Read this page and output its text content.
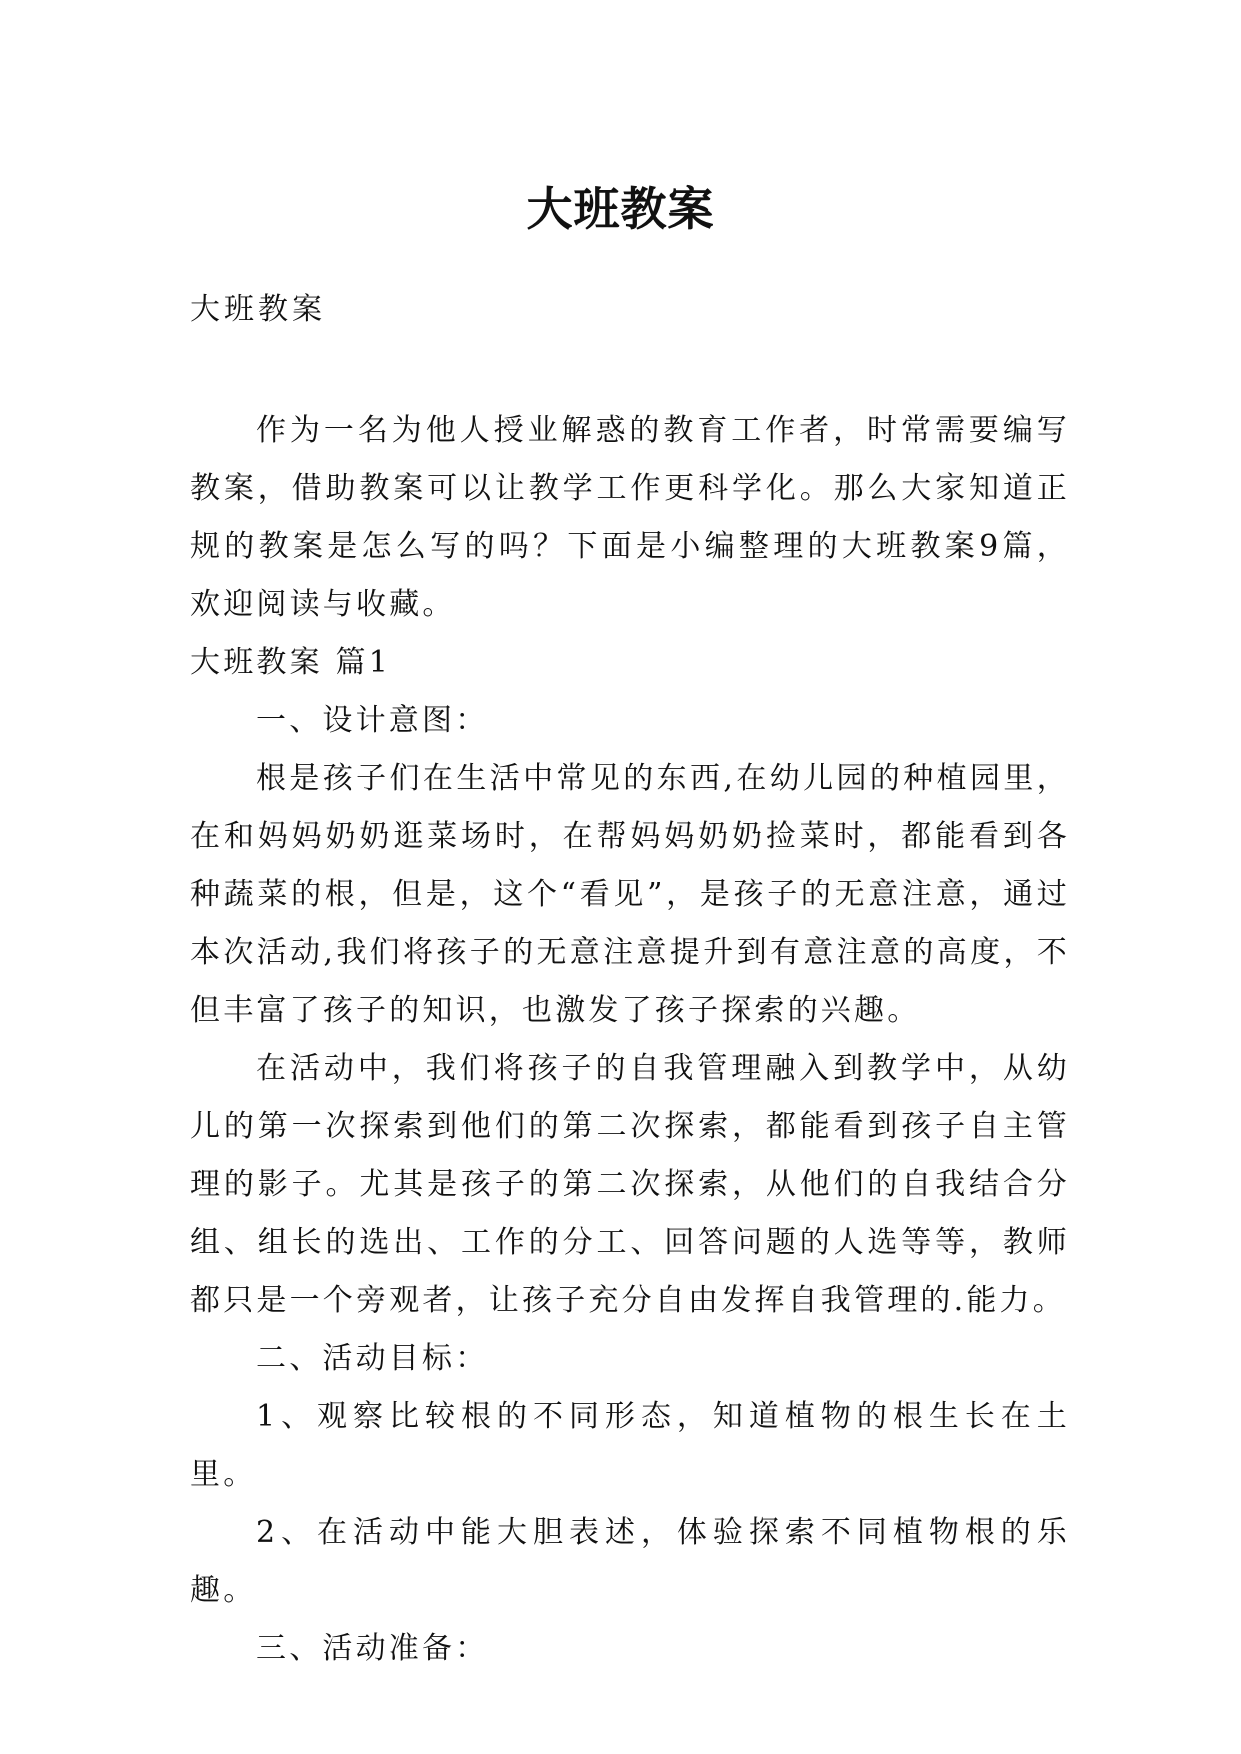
大班教案
大班教案

作为一名为他人授业解惑的教育工作者，时常需要编写教案，借助教案可以让教学工作更科学化。那么大家知道正规的教案是怎么写的吗？下面是小编整理的大班教案9篇，欢迎阅读与收藏。

大班教案 篇1

一、设计意图：

根是孩子们在生活中常见的东西,在幼儿园的种植园里，在和妈妈奶奶逛菜场时，在帮妈妈奶奶捡菜时，都能看到各种蔬菜的根，但是，这个“看见”，是孩子的无意注意，通过本次活动,我们将孩子的无意注意提升到有意注意的高度，不但丰富了孩子的知识，也激发了孩子探索的兴趣。

在活动中，我们将孩子的自我管理融入到教学中，从幼儿的第一次探索到他们的第二次探索，都能看到孩子自主管理的影子。尤其是孩子的第二次探索，从他们的自我结合分组、组长的选出、工作的分工、回答问题的人选等等，教师都只是一个旁观者，让孩子充分自由发挥自我管理的.能力。

二、活动目标：

1、观察比较根的不同形态，知道植物的根生长在土里。

2、在活动中能大胆表述，体验探索不同植物根的乐趣。

三、活动准备：
